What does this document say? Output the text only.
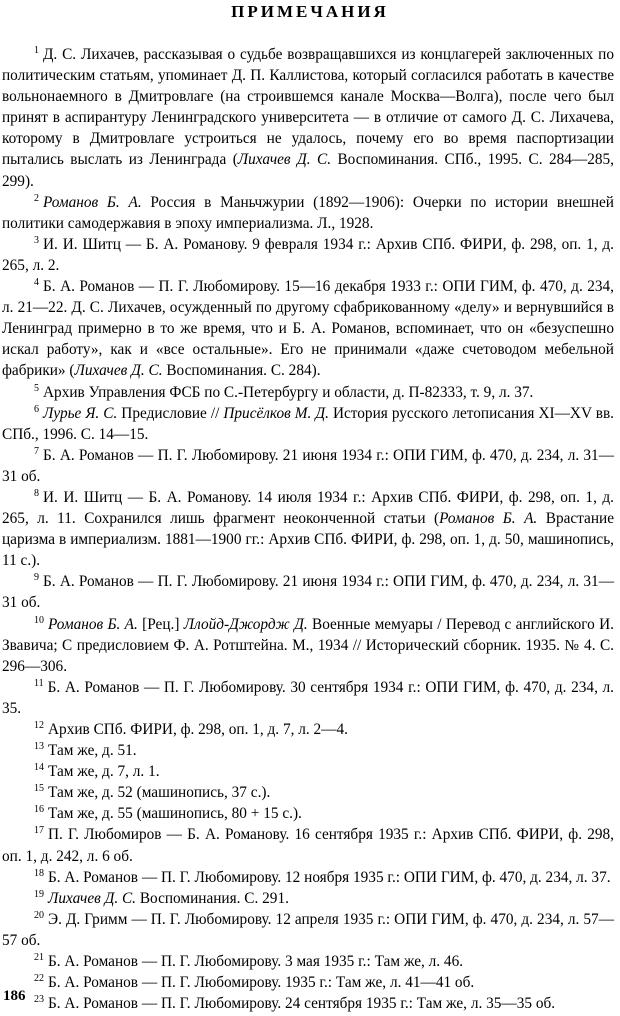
ПРИМЕЧАНИЯ

$^1$ Д. С. Лихачев, рассказывая о судьбе возвращавшихся из концлагерей заключенных по политическим статьям, упоминает Д. П. Каллистова, который согласился работать в качестве вольнонаемного в Дмитровлаге (на строившемся канале Москва—Волга), после чего был принят в аспирантуру Ленинградского университета — в отличие от самого Д. С. Лихачева, которому в Дмитровлаге устроиться не удалось, почему его во время паспортизации пытались выслать из Ленинграда (Лихачев Д. С. Воспоминания. СПб., 1995. С. 284—285, 299).

$^2$ Романов Б. А. Россия в Маньчжурии (1892—1906): Очерки по истории внешней политики самодержавия в эпоху империализма. Л., 1928.

$^3$ И. И. Шитц — Б. А. Романову. 9 февраля 1934 г.: Архив СПб. ФИРИ, ф. 298, оп. 1, д. 265, л. 2.

$^4$ Б. А. Романов — П. Г. Любомирову. 15—16 декабря 1933 г.: ОПИ ГИМ, ф. 470, д. 234, л. 21—22. Д. С. Лихачев, осужденный по другому сфабрикованному «делу» и вернувшийся в Ленинград примерно в то же время, что и Б. А. Романов, вспоминает, что он «безуспешно искал работу», как и «все остальные». Его не принимали «даже счетоводом мебельной фабрики» (Лихачев Д. С. Воспоминания. С. 284).

$^5$ Архив Управления ФСБ по С.-Петербургу и области, д. П-82333, т. 9, л. 37.

$^6$ Лурье Я. С. Предисловие // Присёлков М. Д. История русского летописания XI—XV вв. СПб., 1996. С. 14—15.

$^7$ Б. А. Романов — П. Г. Любомирову. 21 июня 1934 г.: ОПИ ГИМ, ф. 470, д. 234, л. 31—31 об.

$^8$ И. И. Шитц — Б. А. Романову. 14 июля 1934 г.: Архив СПб. ФИРИ, ф. 298, оп. 1, д. 265, л. 11. Сохранился лишь фрагмент неоконченной статьи (Романов Б. А. Врастание царизма в империализм. 1881—1900 гг.: Архив СПб. ФИРИ, ф. 298, оп. 1, д. 50, машинопись, 11 с.).

$^9$ Б. А. Романов — П. Г. Любомирову. 21 июня 1934 г.: ОПИ ГИМ, ф. 470, д. 234, л. 31—31 об.

$^{10}$ Романов Б. А. [Рец.] Ллойд-Джордж Д. Военные мемуары / Перевод с английского И. Звавича; С предисловием Ф. А. Ротштейна. М., 1934 // Исторический сборник. 1935. № 4. С. 296—306.

$^{11}$ Б. А. Романов — П. Г. Любомирову. 30 сентября 1934 г.: ОПИ ГИМ, ф. 470, д. 234, л. 35.

$^{12}$ Архив СПб. ФИРИ, ф. 298, оп. 1, д. 7, л. 2—4.

$^{13}$ Там же, д. 51.

$^{14}$ Там же, д. 7, л. 1.

$^{15}$ Там же, д. 52 (машинопись, 37 с.).

$^{16}$ Там же, д. 55 (машинопись, 80 + 15 с.).

$^{17}$ П. Г. Любомиров — Б. А. Романову. 16 сентября 1935 г.: Архив СПб. ФИРИ, ф. 298, оп. 1, д. 242, л. 6 об.

$^{18}$ Б. А. Романов — П. Г. Любомирову. 12 ноября 1935 г.: ОПИ ГИМ, ф. 470, д. 234, л. 37.

$^{19}$ Лихачев Д. С. Воспоминания. С. 291.

$^{20}$ Э. Д. Гримм — П. Г. Любомирову. 12 апреля 1935 г.: ОПИ ГИМ, ф. 470, д. 234, л. 57—57 об.

$^{21}$ Б. А. Романов — П. Г. Любомирову. 3 мая 1935 г.: Там же, л. 46.

$^{22}$ Б. А. Романов — П. Г. Любомирову. 1935 г.: Там же, л. 41—41 об.

$^{23}$ Б. А. Романов — П. Г. Любомирову. 24 сентября 1935 г.: Там же, л. 35—35 об.

186
